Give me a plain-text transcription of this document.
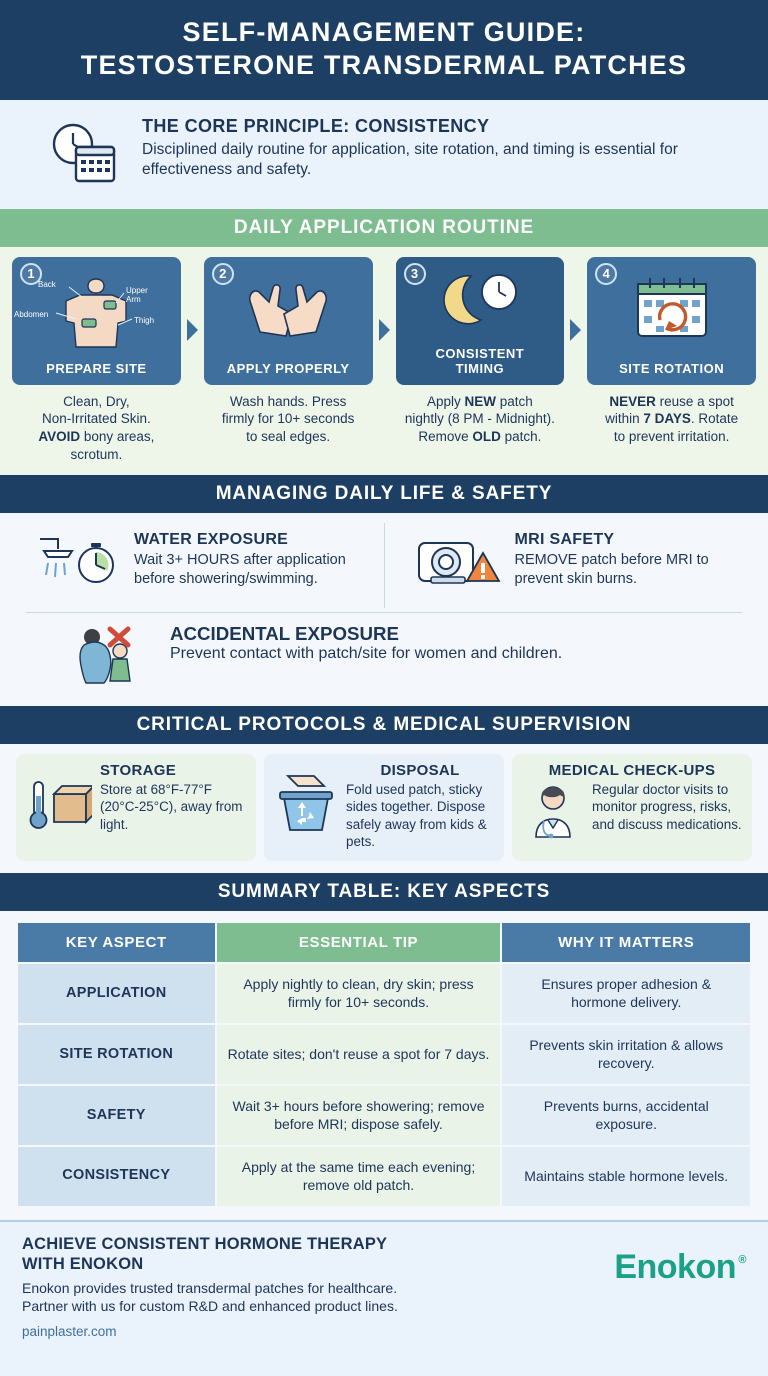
SELF-MANAGEMENT GUIDE:
TESTOSTERONE TRANSDERMAL PATCHES
THE CORE PRINCIPLE: CONSISTENCY

Disciplined daily routine for application, site rotation, and timing is essential for effectiveness and safety.

DAILY APPLICATION ROUTINE
1
Back
Upper
Arm
Abdomen
Thigh
PREPARE SITE
Clean, Dry,
Non-Irritated Skin.
AVOID bony areas,
scrotum.
2
APPLY PROPERLY
Wash hands. Press
firmly for 10+ seconds
to seal edges.
3
CONSISTENT
TIMING
Apply NEW patch
nightly (8 PM - Midnight).
Remove OLD patch.
4
SITE ROTATION
NEVER reuse a spot
within 7 DAYS. Rotate
to prevent irritation.
MANAGING DAILY LIFE & SAFETY
WATER EXPOSURE

Wait 3+ HOURS after application before showering/swimming.

MRI SAFETY

REMOVE patch before MRI to prevent skin burns.

ACCIDENTAL EXPOSURE

Prevent contact with patch/site for women and children.

CRITICAL PROTOCOLS & MEDICAL SUPERVISION
STORAGE

Store at 68°F-77°F (20°C-25°C), away from light.

DISPOSAL

Fold used patch, sticky sides together. Dispose safely away from kids & pets.

MEDICAL CHECK-UPS

Regular doctor visits to monitor progress, risks, and discuss medications.

SUMMARY TABLE: KEY ASPECTS
KEY ASPECT	ESSENTIAL TIP	WHY IT MATTERS
APPLICATION	Apply nightly to clean, dry skin; press firmly for 10+ seconds.	Ensures proper adhesion & hormone delivery.
SITE ROTATION	Rotate sites; don't reuse a spot for 7 days.	Prevents skin irritation & allows recovery.
SAFETY	Wait 3+ hours before showering; remove before MRI; dispose safely.	Prevents burns, accidental exposure.
CONSISTENCY	Apply at the same time each evening; remove old patch.	Maintains stable hormone levels.
ACHIEVE CONSISTENT HORMONE THERAPY
WITH ENOKON

Enokon provides trusted transdermal patches for healthcare.

Partner with us for custom R&D and enhanced product lines.

painplaster.com
Enokon ®
